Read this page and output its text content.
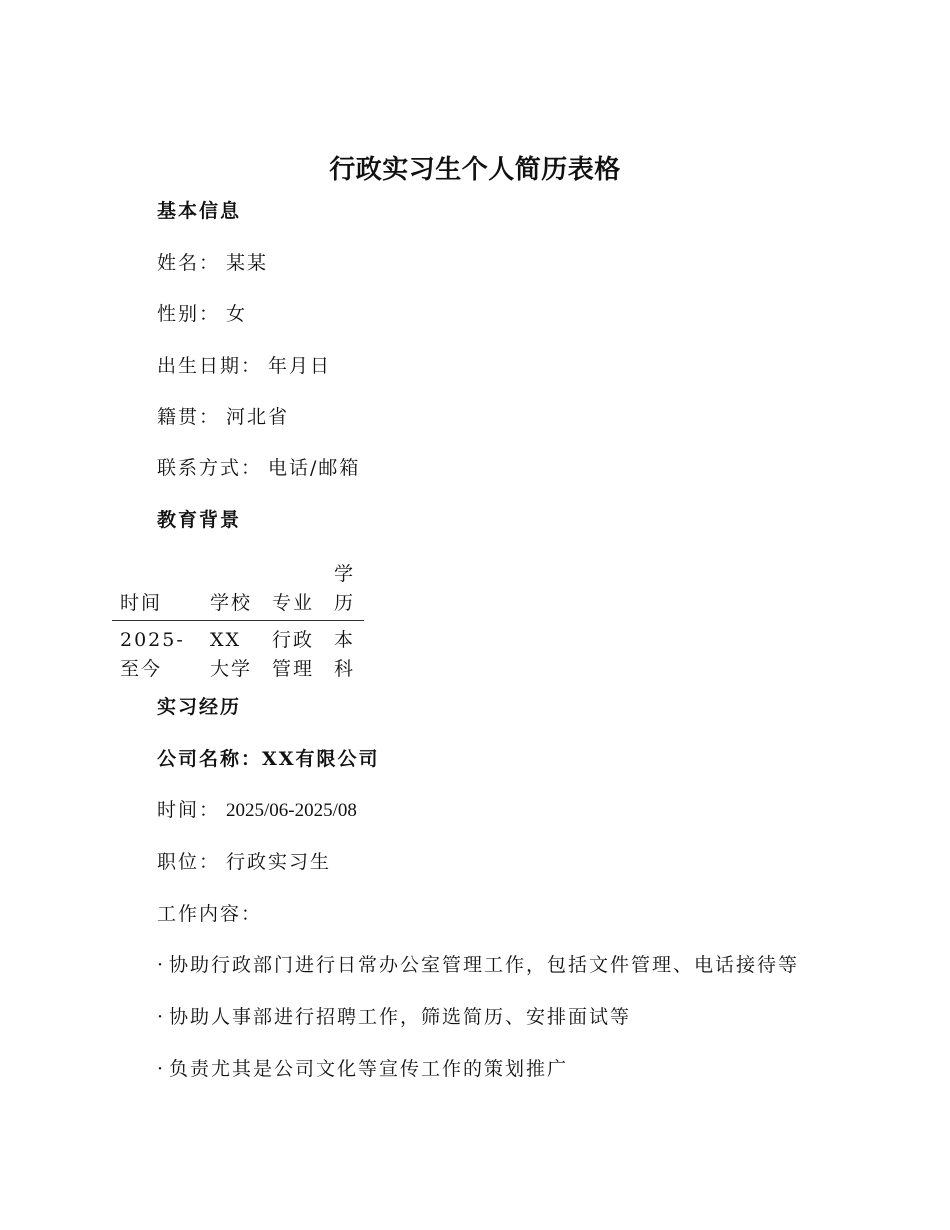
行政实习生个人简历表格
基本信息
姓名： 某某
性别： 女
出生日期： 年月日
籍贯： 河北省
联系方式： 电话/邮箱
教育背景
时间	学校	专业	学历
2025-至今	XX大学	行政管理	本科
实习经历
公司名称：XX有限公司
时间： 2025/06-2025/08
职位： 行政实习生
工作内容：
· 协助行政部门进行日常办公室管理工作，包括文件管理、电话接待等
· 协助人事部进行招聘工作，筛选简历、安排面试等
· 负责尤其是公司文化等宣传工作的策划推广
